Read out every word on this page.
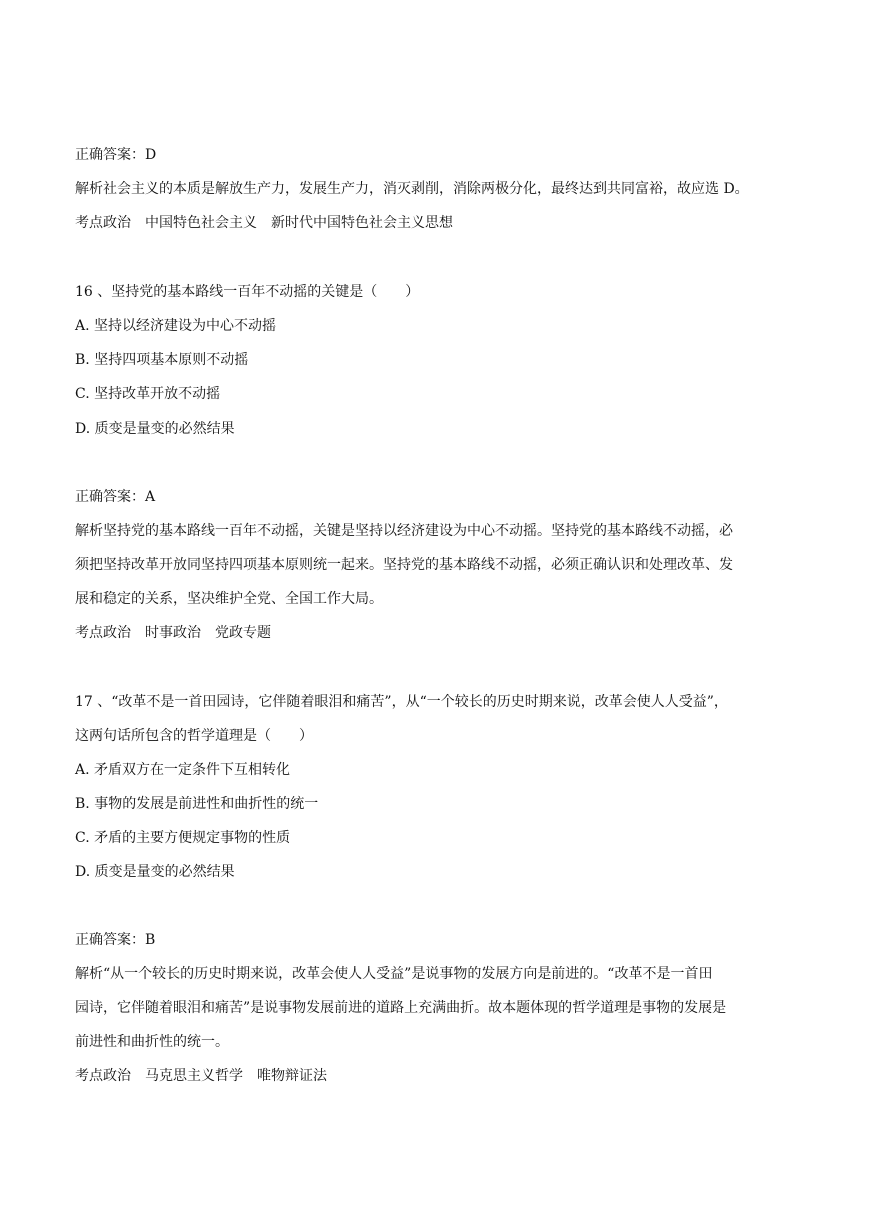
正确答案：D
解析社会主义的本质是解放生产力，发展生产力，消灭剥削，消除两极分化，最终达到共同富裕，故应选 D。
考点政治 中国特色社会主义 新时代中国特色社会主义思想
16 、坚持党的基本路线一百年不动摇的关键是（　　）
A. 坚持以经济建设为中心不动摇
B. 坚持四项基本原则不动摇
C. 坚持改革开放不动摇
D. 质变是量变的必然结果
正确答案：A
解析坚持党的基本路线一百年不动摇，关键是坚持以经济建设为中心不动摇。坚持党的基本路线不动摇，必
须把坚持改革开放同坚持四项基本原则统一起来。坚持党的基本路线不动摇，必须正确认识和处理改革、发
展和稳定的关系，坚决维护全党、全国工作大局。
考点政治 时事政治 党政专题
17 、“改革不是一首田园诗，它伴随着眼泪和痛苦”，从“一个较长的历史时期来说，改革会使人人受益”，
这两句话所包含的哲学道理是（　　）
A. 矛盾双方在一定条件下互相转化
B. 事物的发展是前进性和曲折性的统一
C. 矛盾的主要方便规定事物的性质
D. 质变是量变的必然结果
正确答案：B
解析“从一个较长的历史时期来说，改革会使人人受益”是说事物的发展方向是前进的。“改革不是一首田
园诗，它伴随着眼泪和痛苦”是说事物发展前进的道路上充满曲折。故本题体现的哲学道理是事物的发展是
前进性和曲折性的统一。
考点政治 马克思主义哲学 唯物辩证法
